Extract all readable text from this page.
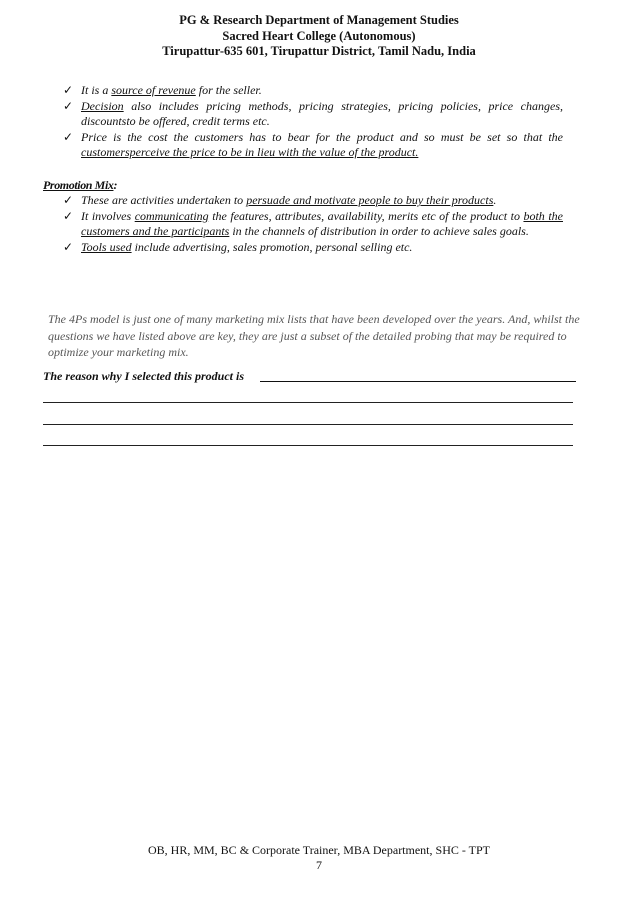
PG & Research Department of Management Studies
Sacred Heart College (Autonomous)
Tirupattur-635 601, Tirupattur District, Tamil Nadu, India
✓ It is a source of revenue for the seller.
✓ Decision also includes pricing methods, pricing strategies, pricing policies, price changes, discountsto be offered, credit terms etc.
✓ Price is the cost the customers has to bear for the product and so must be set so that the customersperceive the price to be in lieu with the value of the product.
Promotion Mix:
✓ These are activities undertaken to persuade and motivate people to buy their products.
✓ It involves communicating the features, attributes, availability, merits etc of the product to both the customers and the participants in the channels of distribution in order to achieve sales goals.
✓ Tools used include advertising, sales promotion, personal selling etc.
The 4Ps model is just one of many marketing mix lists that have been developed over the years. And, whilst the questions we have listed above are key, they are just a subset of the detailed probing that may be required to optimize your marketing mix.
The reason why I selected this product is
OB, HR, MM, BC & Corporate Trainer, MBA Department, SHC - TPT
7
